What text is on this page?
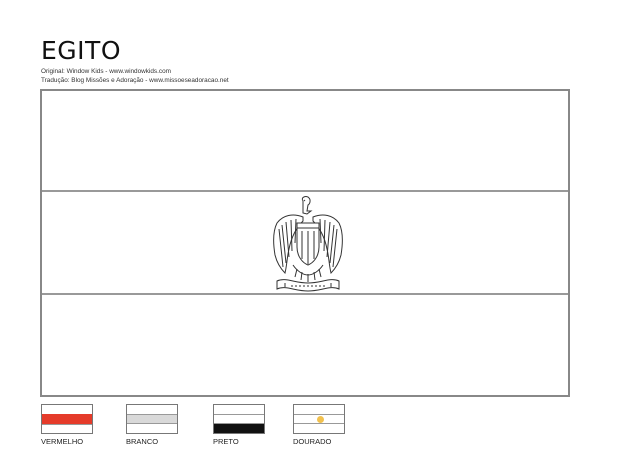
EGITO
Original: Window Kids - www.windowkids.com
Tradução: Blog Missões e Adoração - www.missoeseadoracao.net
VERMELHO	BRANCO	PRETO	DOURADO
